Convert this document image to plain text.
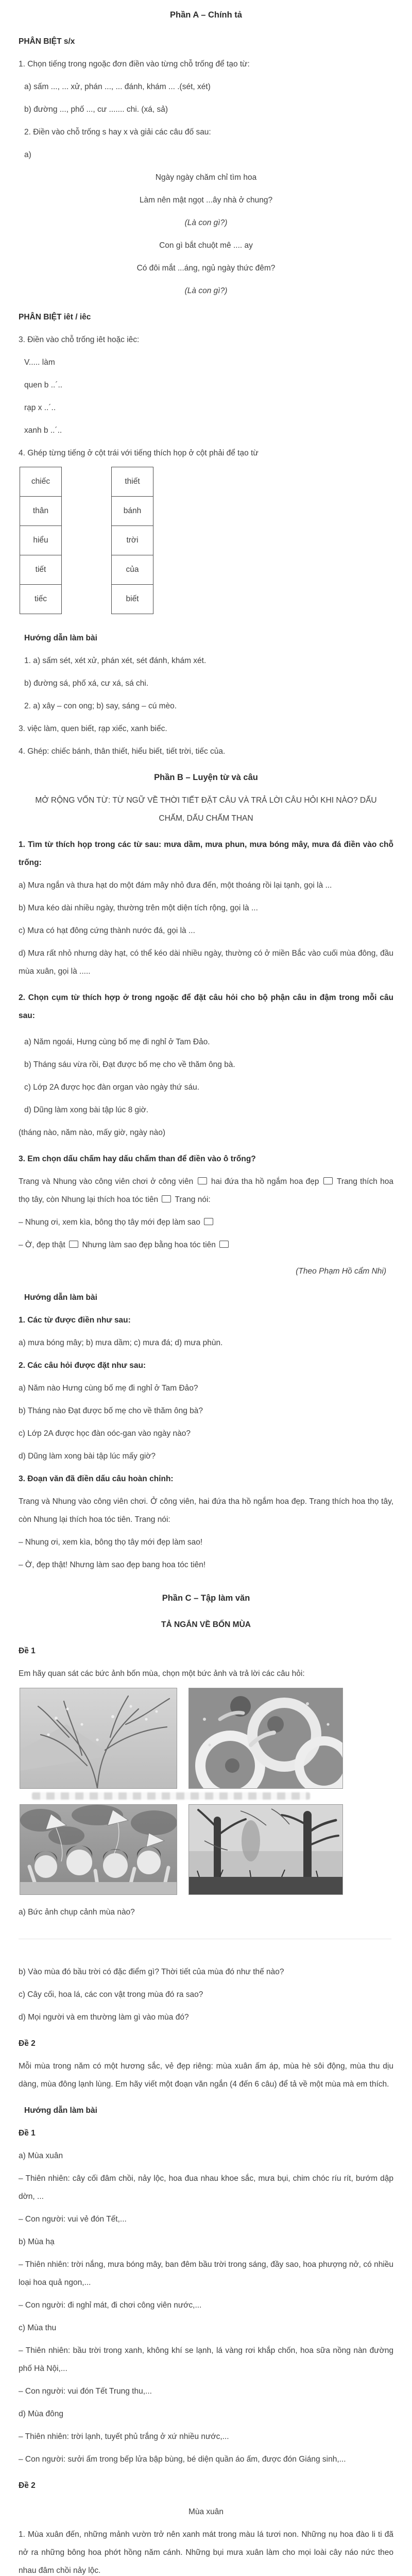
Phần A – Chính tả

PHÂN BIỆT s/x

1. Chọn tiếng trong ngoặc đơn điền vào từng chỗ trống để tạo từ:

a) sấm ..., ... xử, phán ..., ... đánh, khám ... .(sét, xét)

b) đường ..., phố ..., cư ....... chi. (xá, sả)

2. Điền vào chỗ trống s hay x và giải các câu đố sau:

a)

Ngày ngày chăm chỉ tìm hoa

Làm nên mật ngọt ...ây nhà ở chung?

(Là con gì?)

Con gì bắt chuột mê .... ay

Có đôi mắt ...áng, ngủ ngày thức đêm?

(Là con gì?)

PHÂN BIỆT iêt / iêc

3. Điền vào chỗ trống iêt hoặc iêc:

V..... làm

quen b ..´..

rạp x ..´..

xanh b ..´..

4. Ghép từng tiếng ở cột trái với tiếng thích họp ở cột phải để tạo từ

chiếc
thân
hiểu
tiết
tiếc
thiết
bánh
trời
của
biết

Hướng dẫn làm bài

1. a) sấm sét, xét xử, phán xét, sét đánh, khám xét.

b) đường sá, phố xá, cư xá, sá chi.

2. a) xây – con ong; b) say, sáng – cú mèo.

3. việc làm, quen biết, rạp xiếc, xanh biếc.

4. Ghép: chiếc bánh, thân thiết, hiểu biết, tiết trời, tiếc của.

Phần B – Luyện từ và câu

MỞ RỘNG VỐN TỪ: TỪ NGỮ VỀ THỜI TIẾT ĐẶT CÂU VÀ TRẢ LỜI CÂU HỎI KHI NÀO? DẤU CHẤM, DẤU CHẤM THAN

1. Tìm từ thích họp trong các từ sau: mưa dầm, mưa phun, mưa bóng mây, mưa đá điền vào chỗ trống:

a) Mưa ngắn và thưa hạt do một đám mây nhỏ đưa đến, một thoáng rồi lại tạnh, gọi là ...

b) Mưa kéo dài nhiều ngày, thường trên một diện tích rộng, gọi là ...

c) Mưa có hạt đông cứng thành nước đá, gọi là ...

d) Mưa rất nhỏ nhưng dày hạt, có thể kéo dài nhiều ngày, thường có ở miền Bắc vào cuối mùa đông, đầu mùa xuân, gọi là .....

2. Chọn cụm từ thích hợp ở trong ngoặc để đặt câu hỏi cho bộ phận câu in đậm trong mỗi câu sau:

a) Năm ngoái, Hưng cùng bố mẹ đi nghỉ ở Tam Đảo.

b) Tháng sáu vừa rồi, Đạt được bố mẹ cho về thăm ông bà.

c) Lớp 2A được học đàn organ vào ngày thứ sáu.

d) Dũng làm xong bài tập lúc 8 giờ.

(tháng nào, năm nào, mấy giờ, ngày nào)

3. Em chọn dấu chấm hay dấu chấm than để điền vào ô trống?

Trang và Nhung vào công viên chơi ở công viên  hai đứa tha hồ ngắm hoa đẹp  Trang thích hoa thọ tây, còn Nhung lại thích hoa tóc tiên  Trang nói:

– Nhung ơi, xem kìa, bông thọ tây mới đẹp làm sao

– Ờ, đẹp thật  Nhưng làm sao đẹp bằng hoa tóc tiên

(Theo Phạm Hồ cẩm Nhi)

Hướng dẫn làm bài

1. Các từ được điền như sau:

a) mưa bóng mây; b) mưa dầm; c) mưa đá; d) mưa phùn.

2. Các câu hỏi được đặt như sau:

a) Năm nào Hưng cùng bố mẹ đi nghỉ ở Tam Đảo?

b) Tháng nào Đạt được bố mẹ cho về thăm ông bà?

c) Lớp 2A được học đàn oóc-gan vào ngày nào?

d) Dũng làm xong bài tập lúc mấy giờ?

3. Đoạn văn đã điền dấu câu hoàn chỉnh:

Trang và Nhung vào công viên chơi. Ở công viên, hai đứa tha hồ ngắm hoa đẹp. Trang thích hoa thọ tây, còn Nhung lại thích hoa tóc tiên. Trang nói:

– Nhung ơi, xem kìa, bông thọ tây mới đẹp làm sao!

– Ờ, đẹp thật! Nhưng làm sao đẹp bang hoa tóc tiên!

Phần C – Tập làm văn

TẢ NGẮN VỀ BỐN MÙA

Đề 1

Em hãy quan sát các bức ảnh bốn mùa, chọn một bức ảnh và trả lời các câu hỏi:

a) Bức ảnh chụp cảnh mùa nào?

b) Vào mùa đó bầu trời có đặc điểm gì? Thời tiết của mùa đó như thế nào?

c) Cây cối, hoa lá, các con vật trong mùa đó ra sao?

d) Mọi người và em thường làm gì vào mùa đó?

Đề 2

Mỗi mùa trong năm có một hương sắc, vẻ đẹp riêng: mùa xuân ấm áp, mùa hè sôi động, mùa thu dịu dàng, mùa đông lạnh lùng. Em hãy viết một đoạn văn ngắn (4 đến 6 câu) để tả về một mùa mà em thích.

Hướng dẫn làm bài

Đề 1

a) Mùa xuân

– Thiên nhiên: cây cối đâm chồi, nảy lộc, hoa đua nhau khoe sắc, mưa bụi, chim chóc ríu rít, bướm dập dờn, ...

– Con người: vui vẻ đón Tết,...

b) Mùa hạ

– Thiên nhiên: trời nắng, mưa bóng mây, ban đêm bầu trời trong sáng, đầy sao, hoa phượng nở, có nhiều loại hoa quả ngon,...

– Con người: đi nghỉ mát, đi chơi công viên nước,...

c) Mùa thu

– Thiên nhiên: bầu trời trong xanh, không khí se lạnh, lá vàng rơi khắp chốn, hoa sữa nồng nàn đường phố Hà Nội,...

– Con người: vui đón Tết Trung thu,...

d) Mùa đông

– Thiên nhiên: trời lạnh, tuyết phủ trắng ở xứ nhiều nước,...

– Con người: sưởi ấm trong bếp lửa bập bùng, bé diện quần áo ấm, được đón Giáng sinh,...

Đề 2

Mùa xuân

1. Mùa xuân đến, những mảnh vườn trở nên xanh mát trong màu lá tươi non. Những nụ hoa đào li ti đã nở ra những bông hoa phớt hồng năm cánh. Những bụi mưa xuân làm cho mọi loài cây náo nức theo nhau đâm chồi nảy lộc.
